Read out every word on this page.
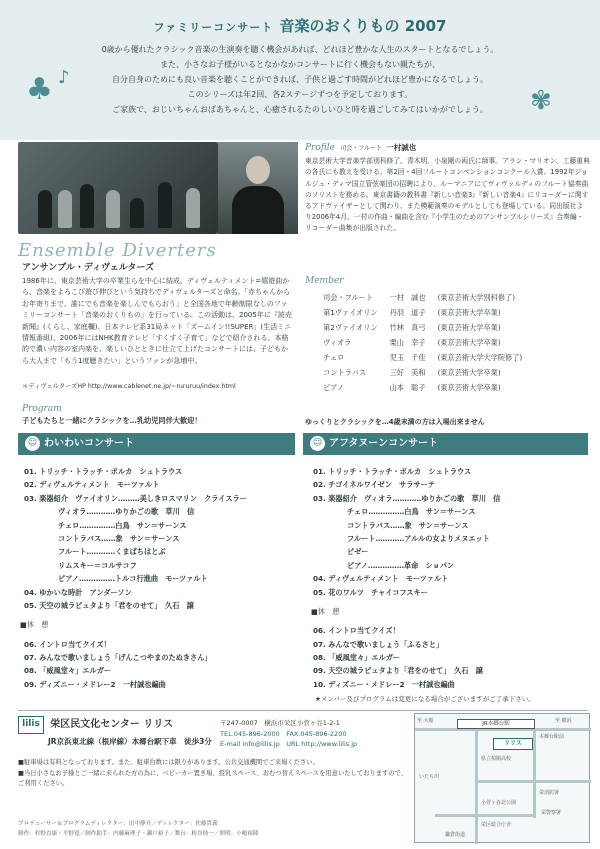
ファミリーコンサート 音楽のおくりもの 2007
♣ ♪
✾
0歳から優れたクラシック音楽の生演奏を聴く機会があれば、どれほど豊かな人生のスタートとなるでしょう。
また、小さなお子様がいるとなかなかコンサートに行く機会もない親たちが、
自分自身のためにも良い音楽を聴くことができれば、子供と過ごす時間がどれほど豊かになるでしょう。
このシリーズは年2回、各2ステージずつを予定しております。
ご家族で、おじいちゃんおばあちゃんと、心癒されるたのしいひと時を過ごしてみてはいかがでしょう。
Ensemble Diverters
アンサンブル・ディヴェルターズ
1986年に、東京芸術大学の卒業生らを中心に結成。ディヴェルティメント=嬉遊曲から、音楽をよろこび遊び伸びという気持ちでディヴェルターズと命名。「赤ちゃんからお年寄りまで、誰にでも音楽を楽しんでもらおう」と全国各地で年齢制限なしのファミリーコンサート「音楽のおくりもの」を行っている。この活動は、2005年に『読売新聞』(くらし、家庭欄)、日本テレビ系31局ネット「ズームイン!!SUPER」(生活ミニ情報番組)、2006年にはNHK教育テレビ「すくすく子育て」などで紹介される。本格的で濃い内容の室内楽を、楽しいひとときに仕立て上げたコンサートには、子どもから大人まで「もう1度聴きたい」というファンが急増中。
＊ディヴェルターズHP http://www.cablenet.ne.jp/~rururuu/index.html
Profile 司会・フルート 一村誠也
東京芸術大学音楽学部別科修了。青木明、小泉剛の両氏に師事。アラン・マリオン、工藤重典の各氏にも教えを受ける。第2回・4回フルートコンペンションコンクール入賞。1992年ジョルジュ・ディマ国立管弦楽団の招聘により、ルーマニアにてヴィヴァルディのフルート協奏曲のソリストを務める。東京書籍の教科書『新しい音楽3』『新しい音楽4』にリコーダーに関するアドヴァイザーとして関わり、また模範演奏のモデルとしても登場している。同出版社より2006年4月、一村の作曲・編曲を含む『小学生のためのアンサンブルシリーズ』合奏編・リコーダー曲集が出版された。
Member
司会・フルート	一村　誠也	(東京芸術大学別科修了)
第1ヴァイオリン	丹羽　道子	(東京芸術大学卒業)
第2ヴァイオリン	竹林　真弓	(東京芸術大学卒業)
ヴィオラ	栗山　幸子	(東京芸術大学卒業)
チェロ	児玉　千佳	(東京芸術大学大学院修了)
コントラバス	三好　美和	(東京芸術大学卒業)
ピアノ	山本　聡子	(東京芸術大学卒業)
Program
子どもたちと一緒にクラシックを…乳幼児同伴大歓迎！	ゆっくりとクラシックを…4歳未満の方は入場出来ません
☺ わいわいコンサート
01. トリッチ・トラッチ・ポルカ　シュトラウス
02. ディヴェルティメント　モーツァルト
03. 楽器紹介　ヴァイオリン………美しきロスマリン　クライスラー
ヴィオラ…………ゆりかごの歌　草川　信
チェロ……………白鳥　サン＝サーンス
コントラバス……象　サン＝サーンス
フルート…………くまばちはとぶ
リムスキー＝コルサコフ
ピアノ……………トルコ行進曲　モーツァルト
04. ゆかいな時計　アンダーソン
05. 天空の城ラピュタより「君をのせて」　久石　譲
■休　憩
06. イントロ当てクイズ！
07. みんなで歌いましょう「げんこつやまのたぬきさん」
08. 「威風堂々」エルガー
09. ディズニー・メドレー2　一村誠也編曲
☺ アフタヌーンコンサート
01. トリッチ・トラッチ・ポルカ　シュトラウス
02. チゴイネルワイゼン　サラサーテ
03. 楽器紹介　ヴィオラ…………ゆりかごの歌　草川　信
チェロ……………白鳥　サン＝サーンス
コントラバス……象　サン＝サーンス
フルート…………アルルの女よりメヌエット
ビゼー
ピアノ……………革命　ショパン
04. ディヴェルティメント　モーツァルト
05. 花のワルツ　チャイコフスキー
■休　憩
06. イントロ当てクイズ！
07. みんなで歌いましょう「ふるさと」
08. 「威風堂々」エルガー
09. 天空の城ラピュタより「君をのせて」　久石　譲
10. ディズニー・メドレー2　一村誠也編曲
★メンバー及びプログラムは変更になる場合がございますがご了承下さい。
lilis 栄区民文化センター リリス
JR京浜東北線（根岸線）本郷台駅下車　徒歩3分
〒247-0007　横浜市栄区小菅ヶ谷1-2-1
TEL.045-896-2000　FAX.045-896-2200
E-mail info@lilis.jp　URL http://www.lilis.jp
■駐車場は有料となっております。また、駐車台数には限りがあります。公共交通機関でご来場ください。
■当日小さなお子様とご一緒に来られた方の為に、ベビーカー置き場、授乳スペース、おむつ替えスペースを用意いたしておりますので、ご利用ください。
プロデューサー＆プログラムディレクター：田中静介／ディレクター：佐藤貴義
制作：杉野直康・平野寛／制作助手：内藤麻理子・瀬戸裕子／舞台：粉谷純一／照明：小嶋裕隆
JR本郷台駅
リリス
至 大船	至 横浜
いたち川
県立柏陽高校
本郷台駅前
栄消防署
栄区総合庁舎
鎌倉街道
小菅ヶ谷北公園
栄警察署
